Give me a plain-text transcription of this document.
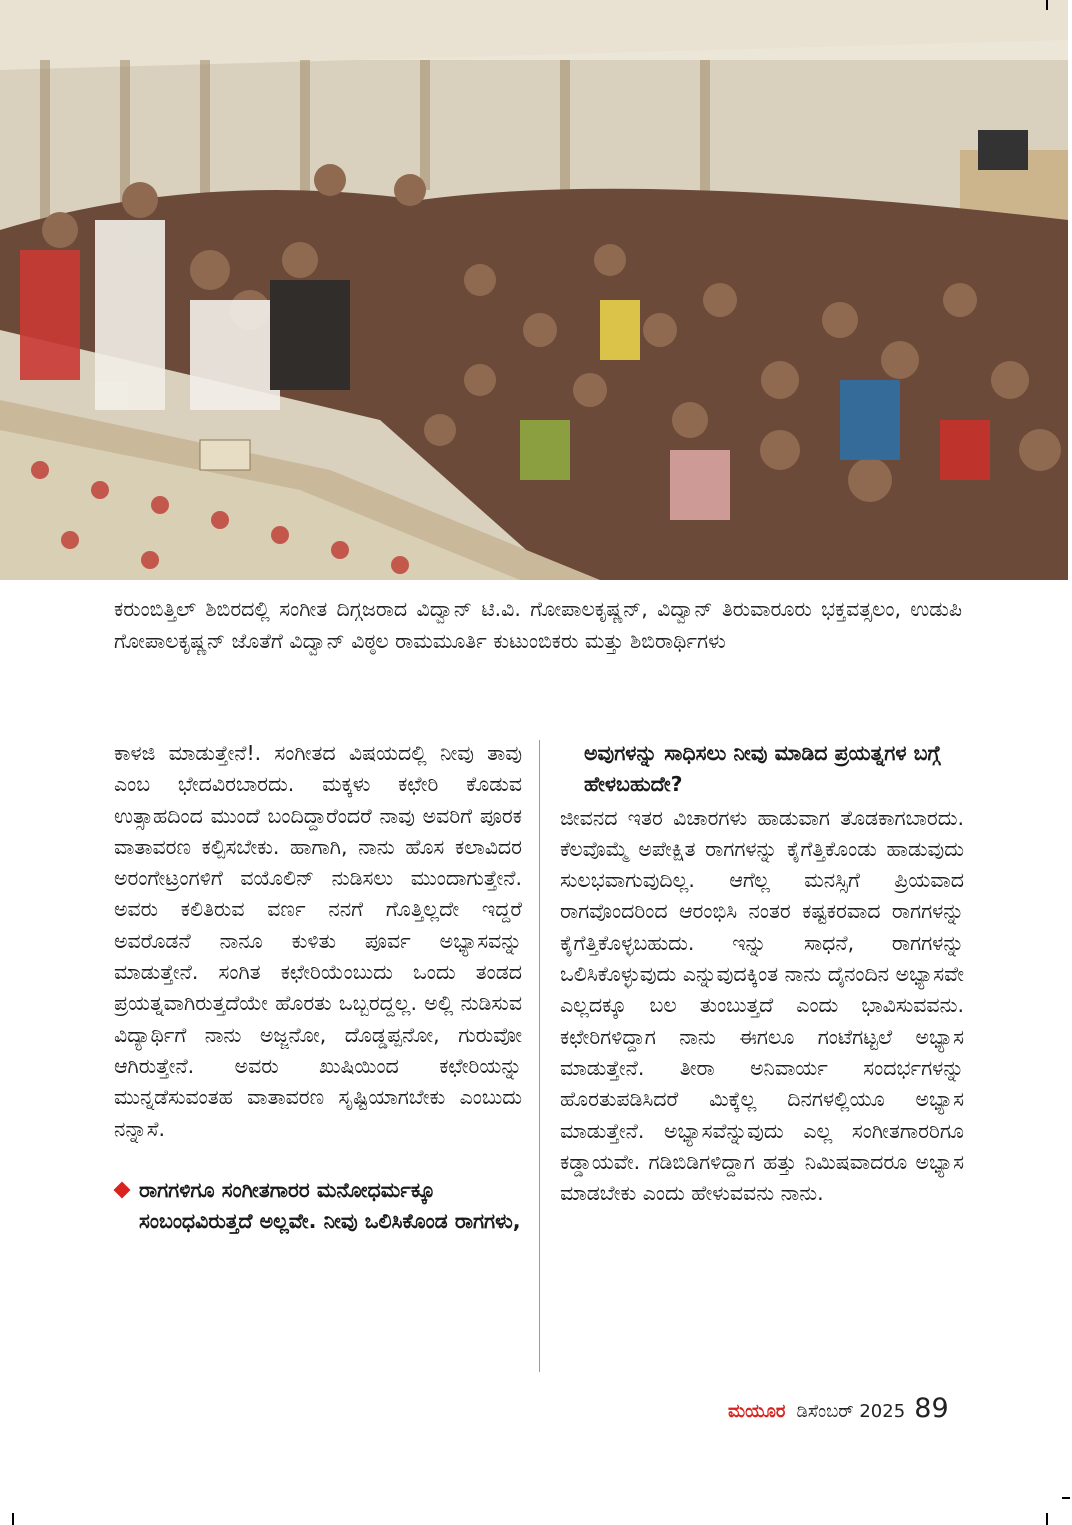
ಕರುಂಬಿತ್ತಿಲ್ ಶಿಬಿರದಲ್ಲಿ ಸಂಗೀತ ದಿಗ್ಗಜರಾದ ವಿದ್ವಾನ್ ಟಿ.ವಿ. ಗೋಪಾಲಕೃಷ್ಣನ್, ವಿದ್ವಾನ್ ತಿರುವಾರೂರು ಭಕ್ತವತ್ಸಲಂ, ಉಡುಪಿ ಗೋಪಾಲಕೃಷ್ಣನ್ ಜೊತೆಗೆ ವಿದ್ವಾನ್ ವಿಠ್ಠಲ ರಾಮಮೂರ್ತಿ ಕುಟುಂಬಿಕರು ಮತ್ತು ಶಿಬಿರಾರ್ಥಿಗಳು

ಕಾಳಜಿ ಮಾಡುತ್ತೇನೆ!. ಸಂಗೀತದ ವಿಷಯದಲ್ಲಿ ನೀವು ತಾವು ಎಂಬ ಭೇದವಿರಬಾರದು. ಮಕ್ಕಳು ಕಛೇರಿ ಕೊಡುವ ಉತ್ಸಾಹದಿಂದ ಮುಂದೆ ಬಂದಿದ್ದಾರೆಂದರೆ ನಾವು ಅವರಿಗೆ ಪೂರಕ ವಾತಾವರಣ ಕಲ್ಪಿಸಬೇಕು. ಹಾಗಾಗಿ, ನಾನು ಹೊಸ ಕಲಾವಿದರ ಅರಂಗೇಟ್ರಂಗಳಿಗೆ ವಯೊಲಿನ್ ನುಡಿಸಲು ಮುಂದಾಗುತ್ತೇನೆ. ಅವರು ಕಲಿತಿರುವ ವರ್ಣ ನನಗೆ ಗೊತ್ತಿಲ್ಲದೇ ಇದ್ದರೆ ಅವರೊಡನೆ ನಾನೂ ಕುಳಿತು ಪೂರ್ವ ಅಭ್ಯಾಸವನ್ನು ಮಾಡುತ್ತೇನೆ. ಸಂಗಿತ ಕಛೇರಿಯೆಂಬುದು ಒಂದು ತಂಡದ ಪ್ರಯತ್ನವಾಗಿರುತ್ತದೆಯೇ ಹೊರತು ಒಬ್ಬರದ್ದಲ್ಲ. ಅಲ್ಲಿ ನುಡಿಸುವ ವಿದ್ಯಾರ್ಥಿಗೆ ನಾನು ಅಜ್ಜನೋ, ದೊಡ್ಡಪ್ಪನೋ, ಗುರುವೋ ಆಗಿರುತ್ತೇನೆ. ಅವರು ಖುಷಿಯಿಂದ ಕಛೇರಿಯನ್ನು ಮುನ್ನಡೆಸುವಂತಹ ವಾತಾವರಣ ಸೃಷ್ಟಿಯಾಗಬೇಕು ಎಂಬುದು ನನ್ನಾಸೆ.

ರಾಗಗಳಿಗೂ ಸಂಗೀತಗಾರರ ಮನೋಧರ್ಮಕ್ಕೂ ಸಂಬಂಧವಿರುತ್ತದೆ ಅಲ್ಲವೇ. ನೀವು ಒಲಿಸಿಕೊಂಡ ರಾಗಗಳು,

ಅವುಗಳನ್ನು ಸಾಧಿಸಲು ನೀವು ಮಾಡಿದ ಪ್ರಯತ್ನಗಳ ಬಗ್ಗೆ ಹೇಳಬಹುದೇ?

ಜೀವನದ ಇತರ ವಿಚಾರಗಳು ಹಾಡುವಾಗ ತೊಡಕಾಗಬಾರದು. ಕೆಲವೊಮ್ಮೆ ಅಪೇಕ್ಷಿತ ರಾಗಗಳನ್ನು ಕೈಗೆತ್ತಿಕೊಂಡು ಹಾಡುವುದು ಸುಲಭವಾಗುವುದಿಲ್ಲ. ಆಗೆಲ್ಲ ಮನಸ್ಸಿಗೆ ಪ್ರಿಯವಾದ ರಾಗವೊಂದರಿಂದ ಆರಂಭಿಸಿ ನಂತರ ಕಷ್ಟಕರವಾದ ರಾಗಗಳನ್ನು ಕೈಗೆತ್ತಿಕೊಳ್ಳಬಹುದು. ಇನ್ನು ಸಾಧನೆ, ರಾಗಗಳನ್ನು ಒಲಿಸಿಕೊಳ್ಳುವುದು ಎನ್ನುವುದಕ್ಕಿಂತ ನಾನು ದೈನಂದಿನ ಅಭ್ಯಾಸವೇ ಎಲ್ಲದಕ್ಕೂ ಬಲ ತುಂಬುತ್ತದೆ ಎಂದು ಭಾವಿಸುವವನು. ಕಛೇರಿಗಳಿದ್ದಾಗ ನಾನು ಈಗಲೂ ಗಂಟೆಗಟ್ಟಲೆ ಅಭ್ಯಾಸ ಮಾಡುತ್ತೇನೆ. ತೀರಾ ಅನಿವಾರ್ಯ ಸಂದರ್ಭಗಳನ್ನು ಹೊರತುಪಡಿಸಿದರೆ ಮಿಕ್ಕೆಲ್ಲ ದಿನಗಳಲ್ಲಿಯೂ ಅಭ್ಯಾಸ ಮಾಡುತ್ತೇನೆ. ಅಭ್ಯಾಸವೆನ್ನುವುದು ಎಲ್ಲ ಸಂಗೀತಗಾರರಿಗೂ ಕಡ್ಡಾಯವೇ. ಗಡಿಬಿಡಿಗಳಿದ್ದಾಗ ಹತ್ತು ನಿಮಿಷವಾದರೂ ಅಭ್ಯಾಸ ಮಾಡಬೇಕು ಎಂದು ಹೇಳುವವನು ನಾನು.

ಮಯೂರ ಡಿಸೆಂಬರ್ 2025 89
